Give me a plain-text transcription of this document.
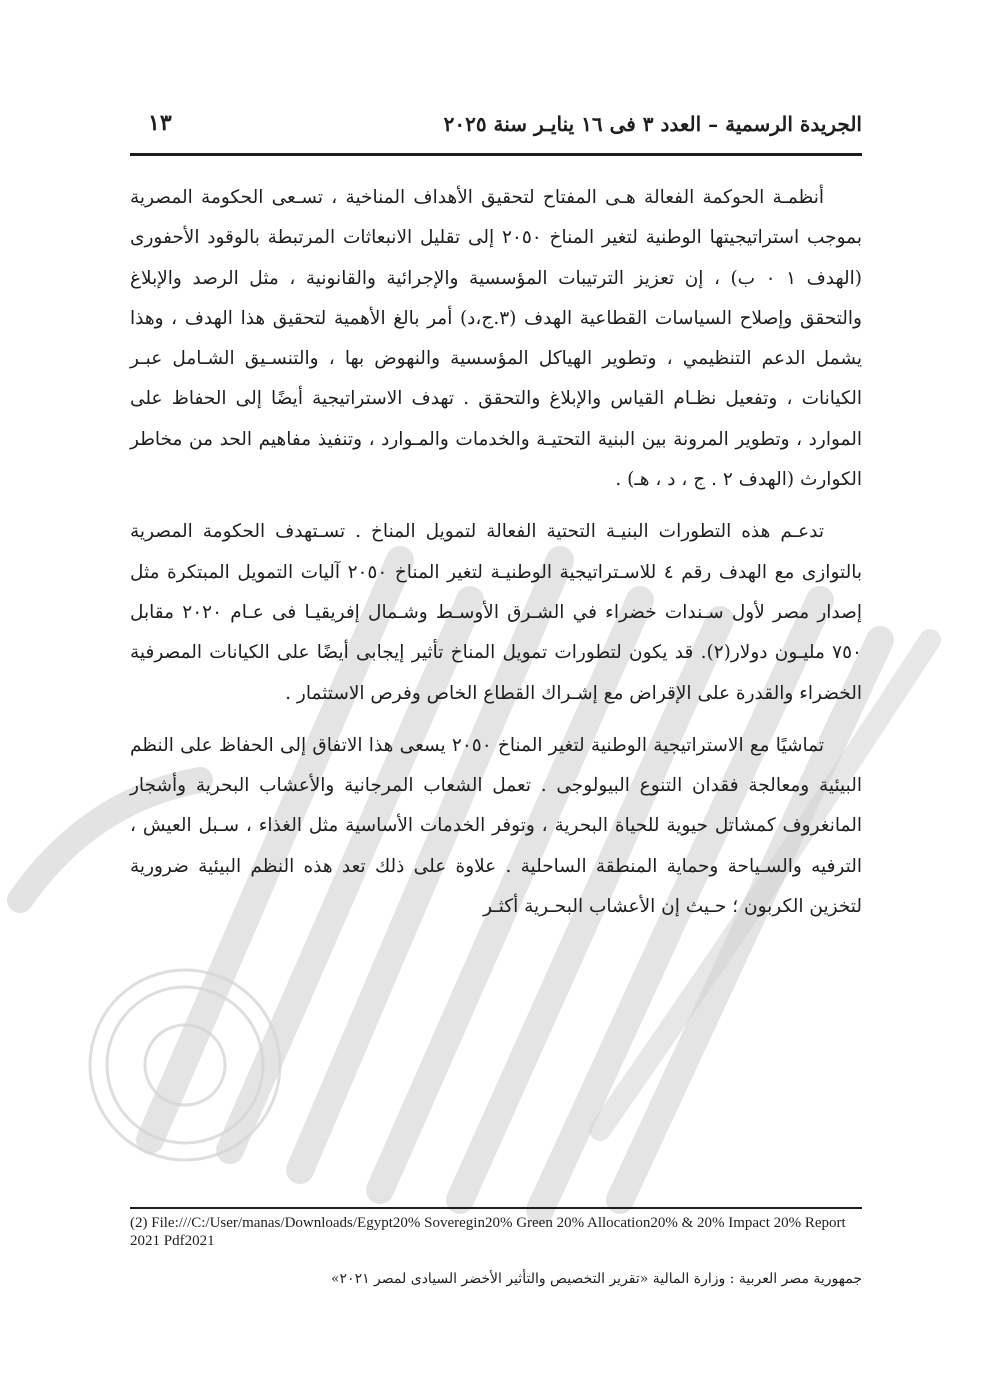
الجريدة الرسمية – العدد ٣ فى ١٦ ينايـر سنة ٢٠٢٥
١٣

أنظمـة الحوكمة الفعالة هـى المفتاح لتحقيق الأهداف المناخية ، تسـعى الحكومة المصرية بموجب استراتيجيتها الوطنية لتغير المناخ ٢٠٥٠ إلى تقليل الانبعاثات المرتبطة بالوقود الأحفورى (الهدف ١ ٠ ب) ، إن تعزيز الترتيبات المؤسسية والإجرائية والقانونية ، مثل الرصد والإبلاغ والتحقق وإصلاح السياسات القطاعية الهدف (٣.ج،د) أمر بالغ الأهمية لتحقيق هذا الهدف ، وهذا يشمل الدعم التنظيمي ، وتطوير الهياكل المؤسسية والنهوض بها ، والتنسـيق الشـامل عبـر الكيانات ، وتفعيل نظـام القياس والإبلاغ والتحقق . تهدف الاستراتيجية أيضًا إلى الحفاظ على الموارد ، وتطوير المرونة بين البنية التحتيـة والخدمات والمـوارد ، وتنفيذ مفاهيم الحد من مخاطر الكوارث (الهدف ٢ . ج ، د ، هـ) .

تدعـم هذه التطورات البنيـة التحتية الفعالة لتمويل المناخ . تسـتهدف الحكومة المصرية بالتوازى مع الهدف رقم ٤ للاسـتراتيجية الوطنيـة لتغير المناخ ٢٠٥٠ آليات التمويل المبتكرة مثل إصدار مصر لأول سـندات خضراء في الشـرق الأوسـط وشـمال إفريقيـا فى عـام ٢٠٢٠ مقابل ٧٥٠ مليـون دولار(٢). قد يكون لتطورات تمويل المناخ تأثير إيجابى أيضًا على الكيانات المصرفية الخضراء والقدرة على الإقراض مع إشـراك القطاع الخاص وفرص الاستثمار .

تماشيًا مع الاستراتيجية الوطنية لتغير المناخ ٢٠٥٠ يسعى هذا الاتفاق إلى الحفاظ على النظم البيئية ومعالجة فقدان التنوع البيولوجى . تعمل الشعاب المرجانية والأعشاب البحرية وأشجار المانغروف كمشاتل حيوية للحياة البحرية ، وتوفر الخدمات الأساسية مثل الغذاء ، سـبل العيش ، الترفيه والسـياحة وحماية المنطقة الساحلية . علاوة على ذلك تعد هذه النظم البيئية ضرورية لتخزين الكربون ؛ حـيث إن الأعشاب البحـرية أكثـر

(2) File:///C:/User/manas/Downloads/Egypt20% Soveregin20% Green 20% Allocation20% & 20% Impact 20% Report 2021 Pdf2021
جمهورية مصر العربية : وزارة المالية «تقرير التخصيص والتأثير الأخضر السيادى لمصر ٢٠٢١»
